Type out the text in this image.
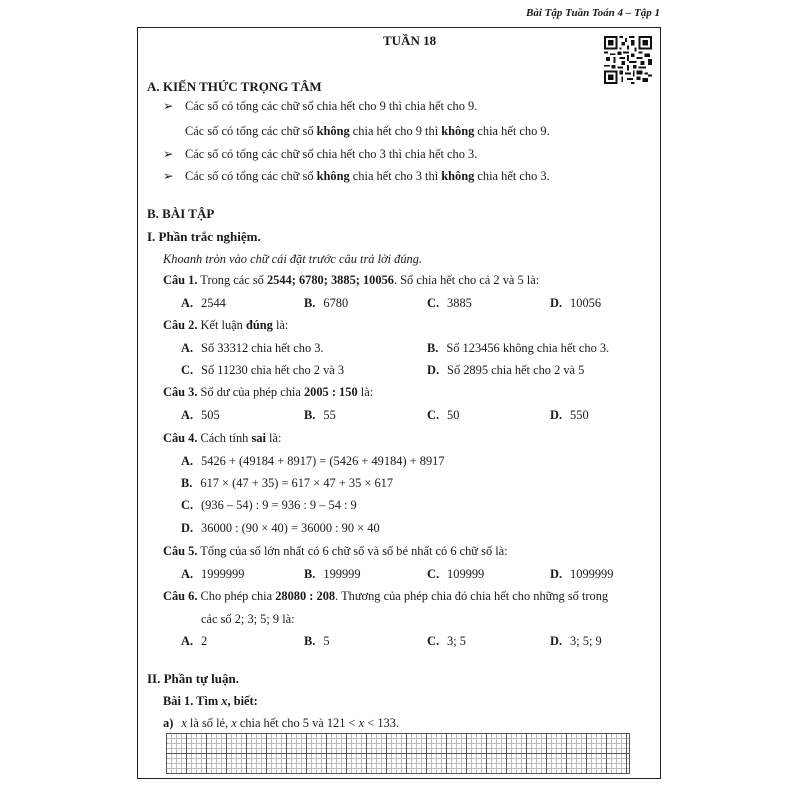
Bài Tập Tuần Toán 4 – Tập 1
TUẦN 18
A. KIẾN THỨC TRỌNG TÂM
➢ Các số có tổng các chữ số chia hết cho 9 thì chia hết cho 9.
Các số có tổng các chữ số không chia hết cho 9 thì không chia hết cho 9.
➢ Các số có tổng các chữ số chia hết cho 3 thì chia hết cho 3.
➢ Các số có tổng các chữ số không chia hết cho 3 thì không chia hết cho 3.
B. BÀI TẬP
I. Phần trắc nghiệm.
Khoanh tròn vào chữ cái đặt trước câu trả lời đúng.
Câu 1. Trong các số 2544; 6780; 3885; 10056. Số chia hết cho cả 2 và 5 là:
A. 2544	B. 6780	C. 3885	D. 10056
Câu 2. Kết luận đúng là:
A. Số 33312 chia hết cho 3.	B. Số 123456 không chia hết cho 3.
C. Số 11230 chia hết cho 2 và 3	D. Số 2895 chia hết cho 2 và 5
Câu 3. Số dư của phép chia 2005 : 150 là:
A. 505	B. 55	C. 50	D. 550
Câu 4. Cách tính sai là:
A. 5426 + (49184 + 8917) = (5426 + 49184) + 8917
B. 617 × (47 + 35) = 617 × 47 + 35 × 617
C. (936 – 54) : 9 = 936 : 9 – 54 : 9
D. 36000 : (90 × 40) = 36000 : 90 × 40
Câu 5. Tổng của số lớn nhất có 6 chữ số và số bé nhất có 6 chữ số là:
A. 1999999	B. 199999	C. 109999	D. 1099999
Câu 6. Cho phép chia 28080 : 208. Thương của phép chia đó chia hết cho những số trong
các số 2; 3; 5; 9 là:
A. 2	B. 5	C. 3; 5	D. 3; 5; 9
II. Phần tự luận.
Bài 1. Tìm x, biết:
a) x là số lẻ, x chia hết cho 5 và 121 < x < 133.
